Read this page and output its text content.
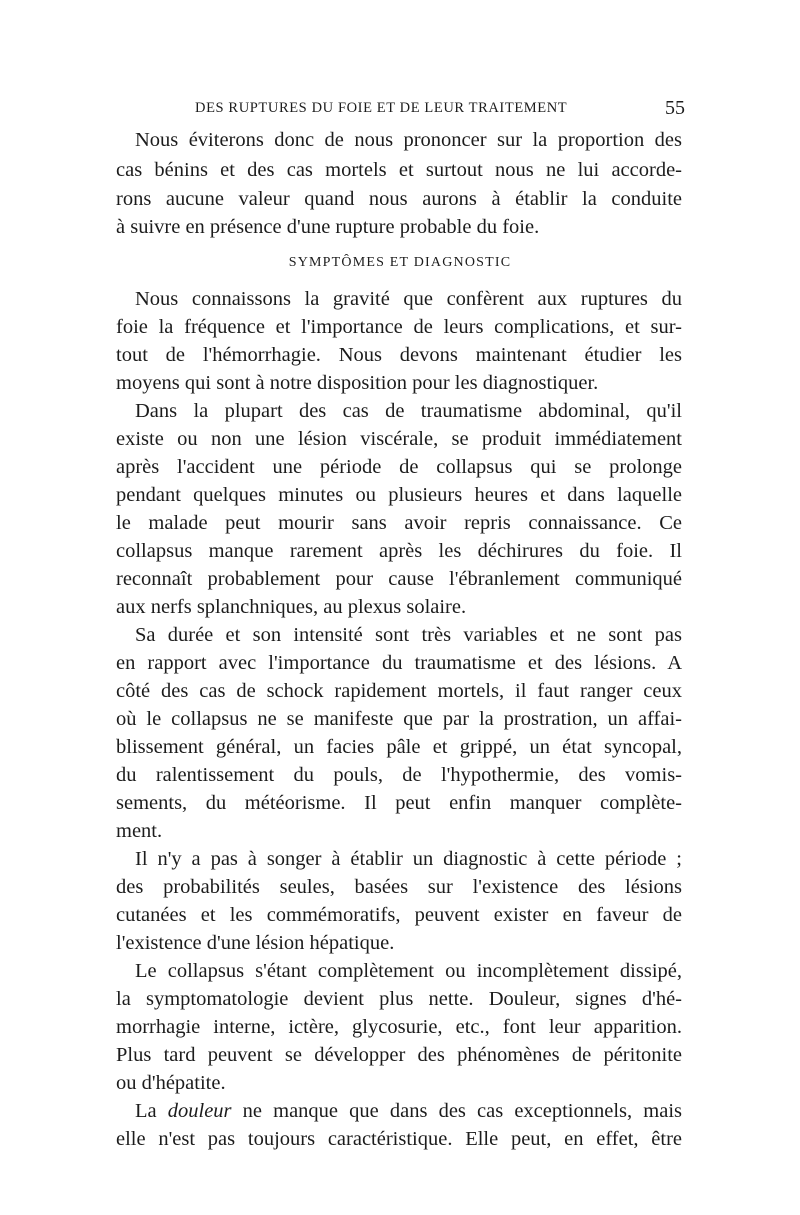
DES RUPTURES DU FOIE ET DE LEUR TRAITEMENT	55
Nous éviterons donc de nous prononcer sur la proportion des
cas bénins et des cas mortels et surtout nous ne lui accorde-
rons aucune valeur quand nous aurons à établir la conduite
à suivre en présence d'une rupture probable du foie.
SYMPTÔMES ET DIAGNOSTIC
Nous connaissons la gravité que confèrent aux ruptures du
foie la fréquence et l'importance de leurs complications, et sur-
tout de l'hémorrhagie. Nous devons maintenant étudier les
moyens qui sont à notre disposition pour les diagnostiquer.
Dans la plupart des cas de traumatisme abdominal, qu'il
existe ou non une lésion viscérale, se produit immédiatement
après l'accident une période de collapsus qui se prolonge
pendant quelques minutes ou plusieurs heures et dans laquelle
le malade peut mourir sans avoir repris connaissance. Ce
collapsus manque rarement après les déchirures du foie. Il
reconnaît probablement pour cause l'ébranlement communiqué
aux nerfs splanchniques, au plexus solaire.
Sa durée et son intensité sont très variables et ne sont pas
en rapport avec l'importance du traumatisme et des lésions. A
côté des cas de schock rapidement mortels, il faut ranger ceux
où le collapsus ne se manifeste que par la prostration, un affai-
blissement général, un facies pâle et grippé, un état syncopal,
du ralentissement du pouls, de l'hypothermie, des vomis-
sements, du météorisme. Il peut enfin manquer complète-
ment.
Il n'y a pas à songer à établir un diagnostic à cette période ;
des probabilités seules, basées sur l'existence des lésions
cutanées et les commémoratifs, peuvent exister en faveur de
l'existence d'une lésion hépatique.
Le collapsus s'étant complètement ou incomplètement dissipé,
la symptomatologie devient plus nette. Douleur, signes d'hé-
morrhagie interne, ictère, glycosurie, etc., font leur apparition.
Plus tard peuvent se développer des phénomènes de péritonite
ou d'hépatite.
La douleur ne manque que dans des cas exceptionnels, mais
elle n'est pas toujours caractéristique. Elle peut, en effet, être
